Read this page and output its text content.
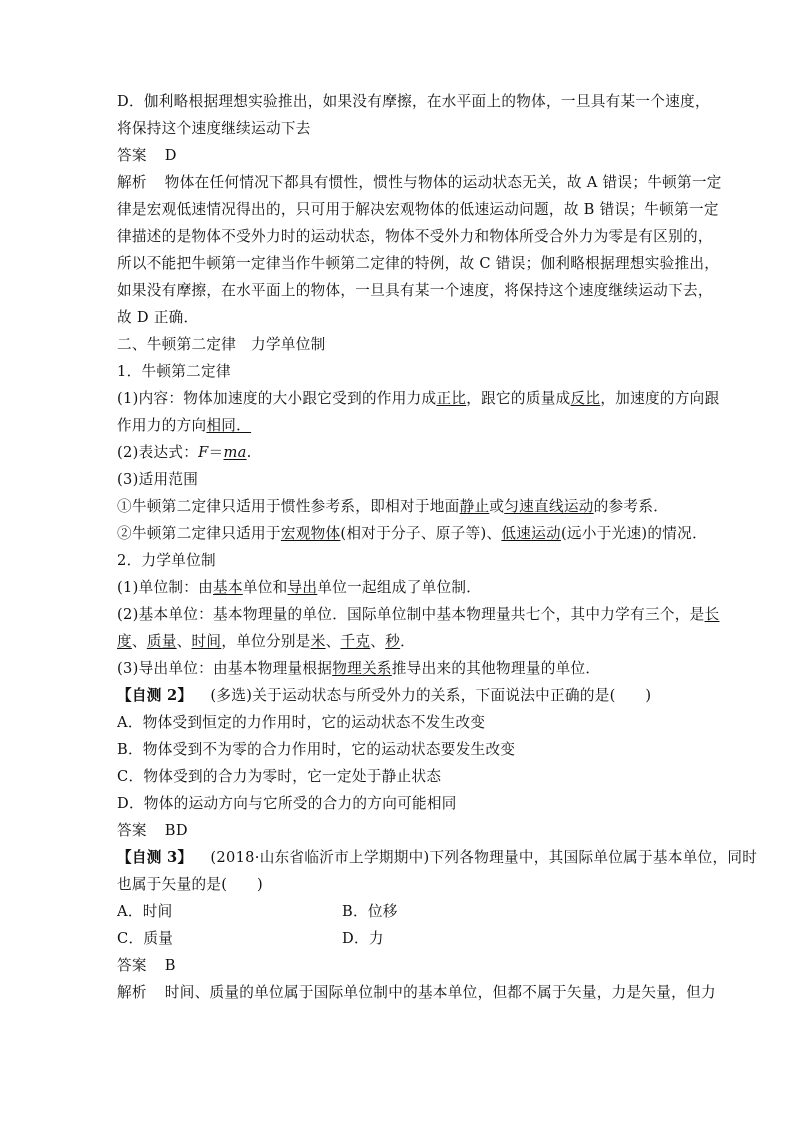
D．伽利略根据理想实验推出，如果没有摩擦，在水平面上的物体，一旦具有某一个速度，
将保持这个速度继续运动下去
答案 D
解析 物体在任何情况下都具有惯性，惯性与物体的运动状态无关，故 A 错误；牛顿第一定
律是宏观低速情况得出的，只可用于解决宏观物体的低速运动问题，故 B 错误；牛顿第一定
律描述的是物体不受外力时的运动状态，物体不受外力和物体所受合外力为零是有区别的，
所以不能把牛顿第一定律当作牛顿第二定律的特例，故 C 错误；伽利略根据理想实验推出，
如果没有摩擦，在水平面上的物体，一旦具有某一个速度，将保持这个速度继续运动下去，
故 D 正确．
二、牛顿第二定律　力学单位制
1．牛顿第二定律
(1)内容：物体加速度的大小跟它受到的作用力成正比，跟它的质量成反比，加速度的方向跟
作用力的方向相同．
(2)表达式：F＝ma.
(3)适用范围
①牛顿第二定律只适用于惯性参考系，即相对于地面静止或匀速直线运动的参考系．
②牛顿第二定律只适用于宏观物体(相对于分子、原子等)、低速运动(远小于光速)的情况．
2．力学单位制
(1)单位制：由基本单位和导出单位一起组成了单位制．
(2)基本单位：基本物理量的单位．国际单位制中基本物理量共七个，其中力学有三个，是长
度、质量、时间，单位分别是米、千克、秒．
(3)导出单位：由基本物理量根据物理关系推导出来的其他物理量的单位．
【自测 2】 (多选)关于运动状态与所受外力的关系，下面说法中正确的是(　　)
A．物体受到恒定的力作用时，它的运动状态不发生改变
B．物体受到不为零的合力作用时，它的运动状态要发生改变
C．物体受到的合力为零时，它一定处于静止状态
D．物体的运动方向与它所受的合力的方向可能相同
答案 BD
【自测 3】 (2018·山东省临沂市上学期期中)下列各物理量中，其国际单位属于基本单位，同时
也属于矢量的是(　　)
A．时间	B．位移
C．质量	D．力
答案 B
解析 时间、质量的单位属于国际单位制中的基本单位，但都不属于矢量，力是矢量，但力
